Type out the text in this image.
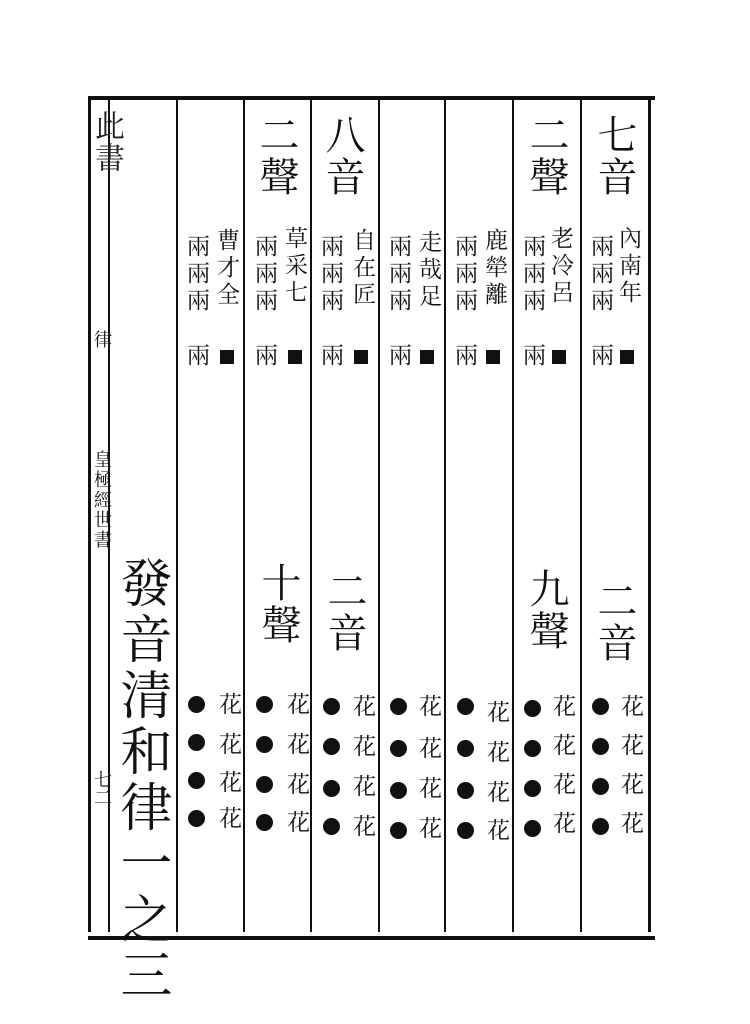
此書
律
皇極經世書
七二
七音
內南年
兩兩兩
兩
二音
花
花
花
花
二聲
老冷呂
兩兩兩
兩
九聲
花
花
花
花
鹿犖離
兩兩兩
兩
花
花
花
花
走哉足
兩兩兩
兩
花
花
花
花
八音
自在匠
兩兩兩
兩
二音
花
花
花
花
二聲
草采七
兩兩兩
兩
十聲
花
花
花
花
曹才全
兩兩兩
兩
花
花
花
花
發音清和律一之三
